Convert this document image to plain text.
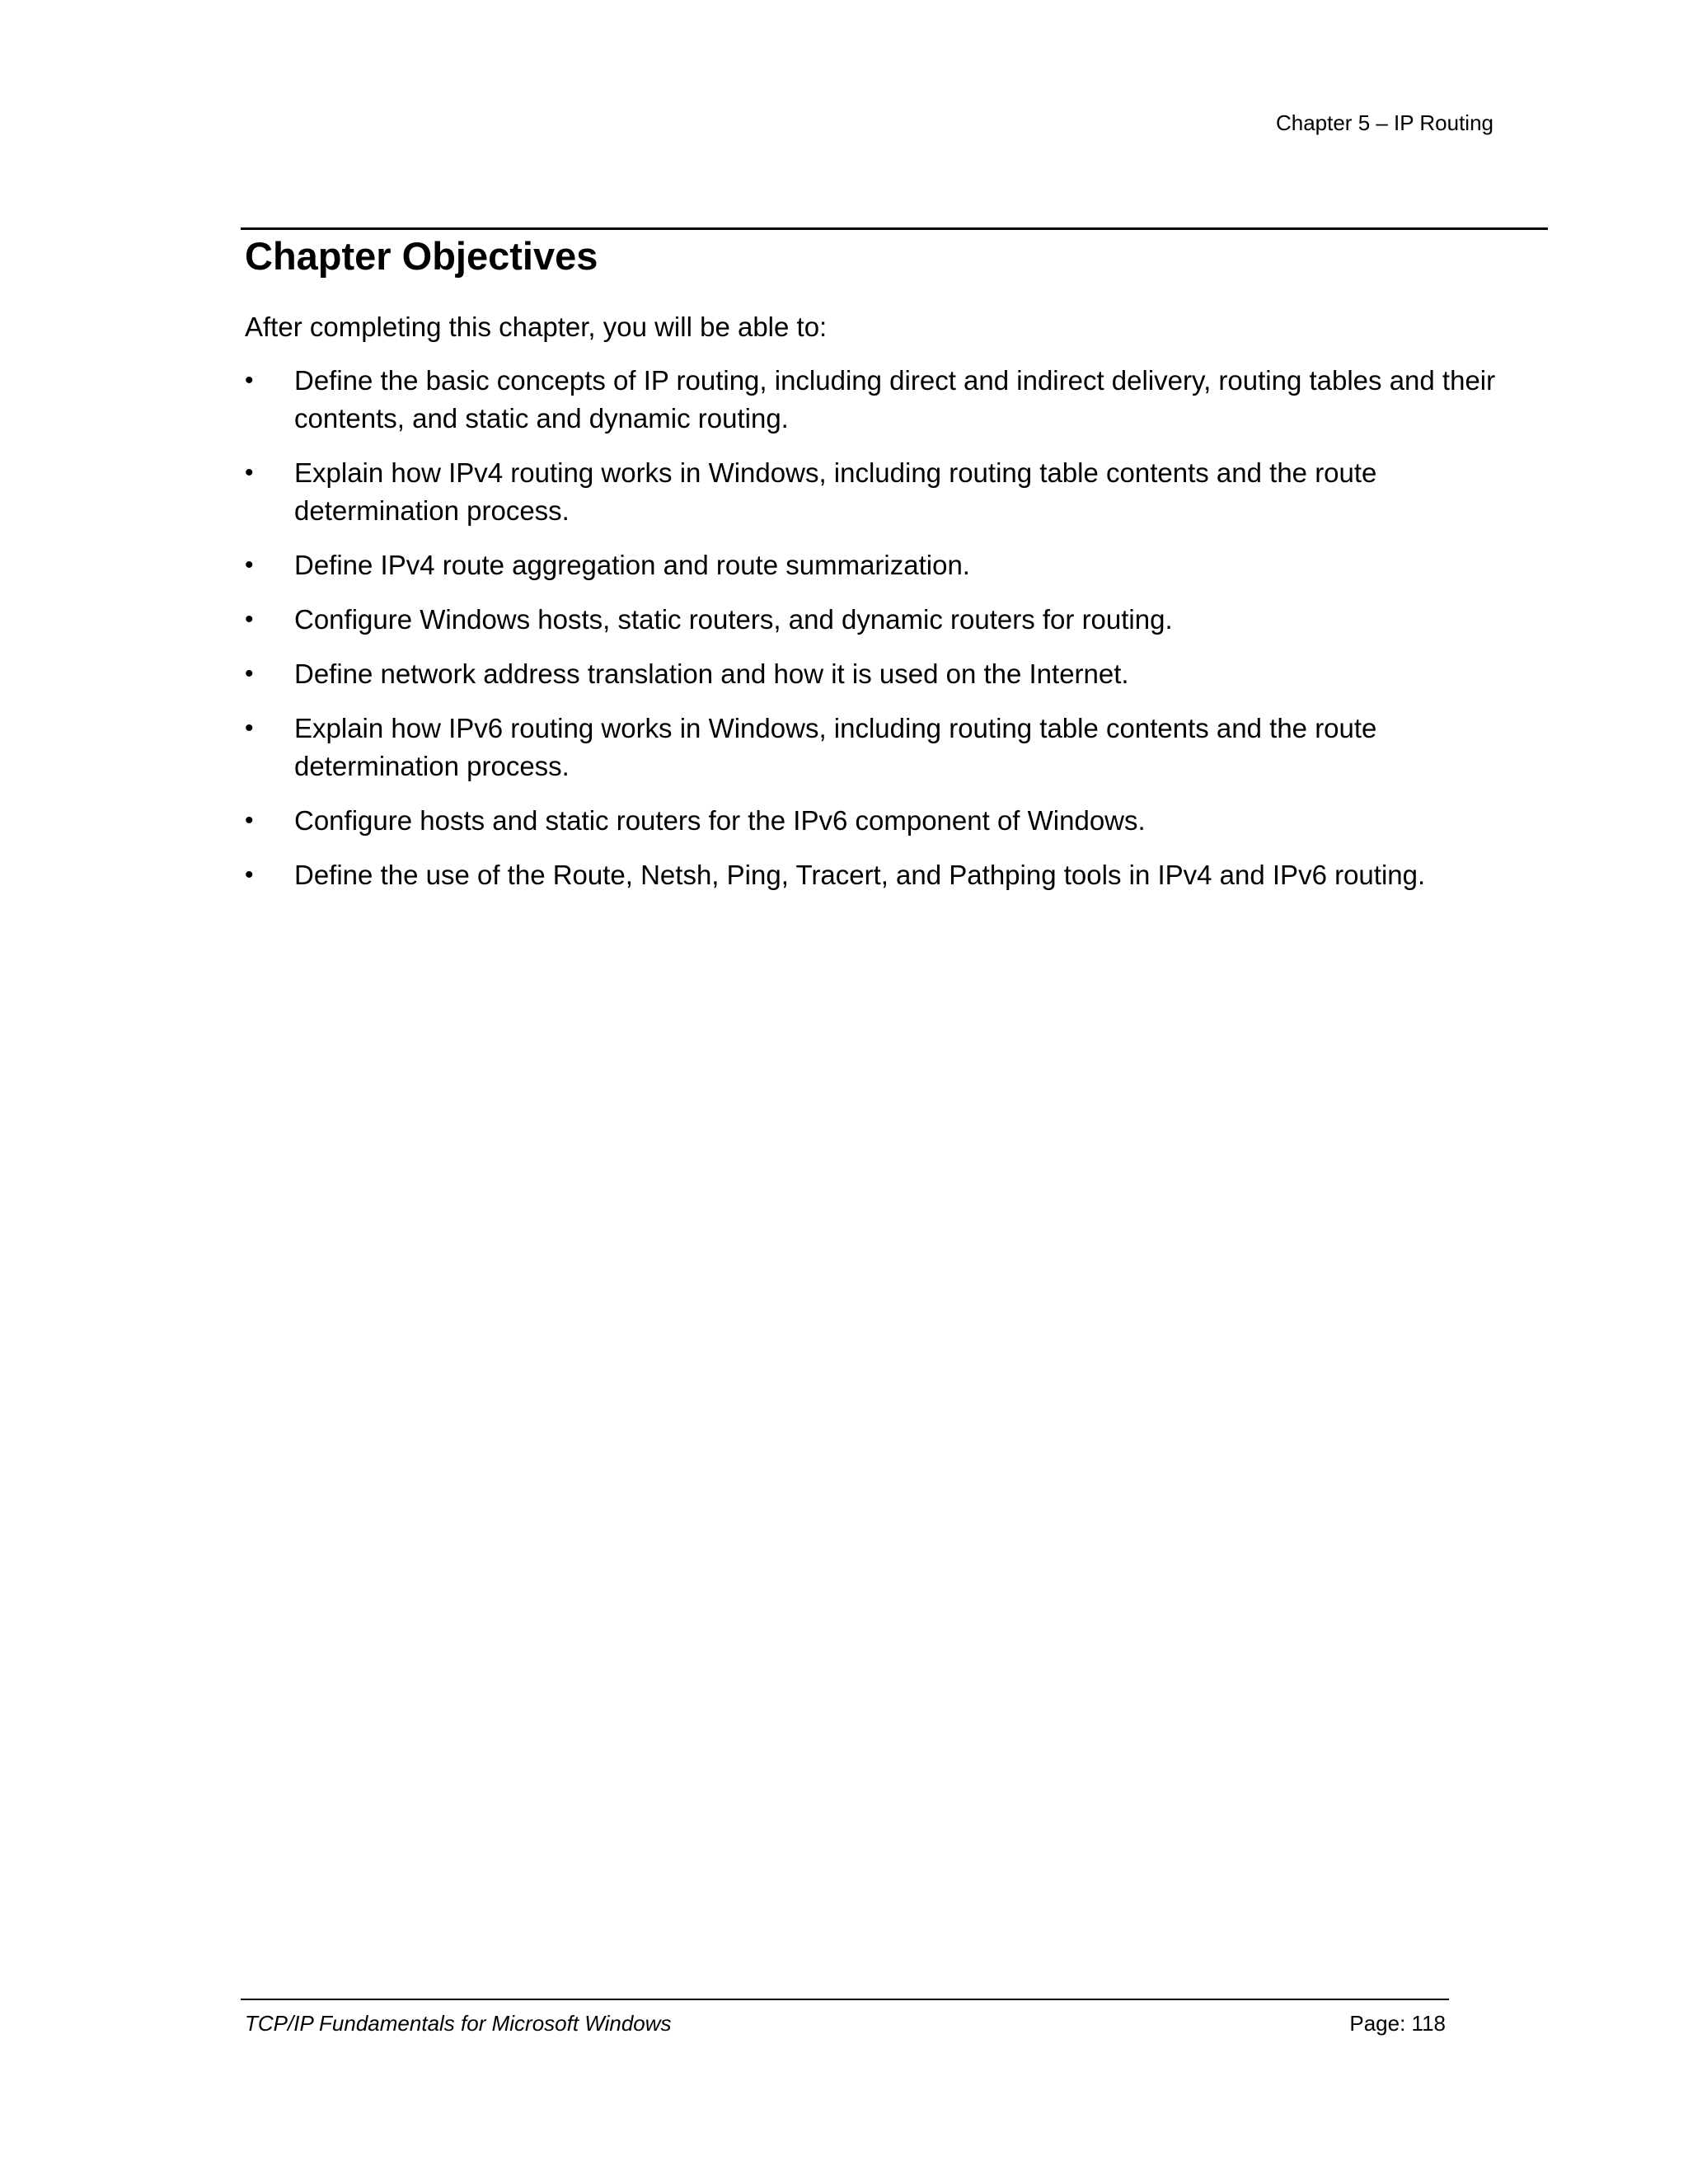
Chapter 5 – IP Routing
Chapter Objectives
After completing this chapter, you will be able to:
•	Define the basic concepts of IP routing, including direct and indirect delivery, routing tables and their contents, and static and dynamic routing.
•	Explain how IPv4 routing works in Windows, including routing table contents and the route determination process.
•	Define IPv4 route aggregation and route summarization.
•	Configure Windows hosts, static routers, and dynamic routers for routing.
•	Define network address translation and how it is used on the Internet.
•	Explain how IPv6 routing works in Windows, including routing table contents and the route determination process.
•	Configure hosts and static routers for the IPv6 component of Windows.
•	Define the use of the Route, Netsh, Ping, Tracert, and Pathping tools in IPv4 and IPv6 routing.
TCP/IP Fundamentals for Microsoft Windows	Page: 118
